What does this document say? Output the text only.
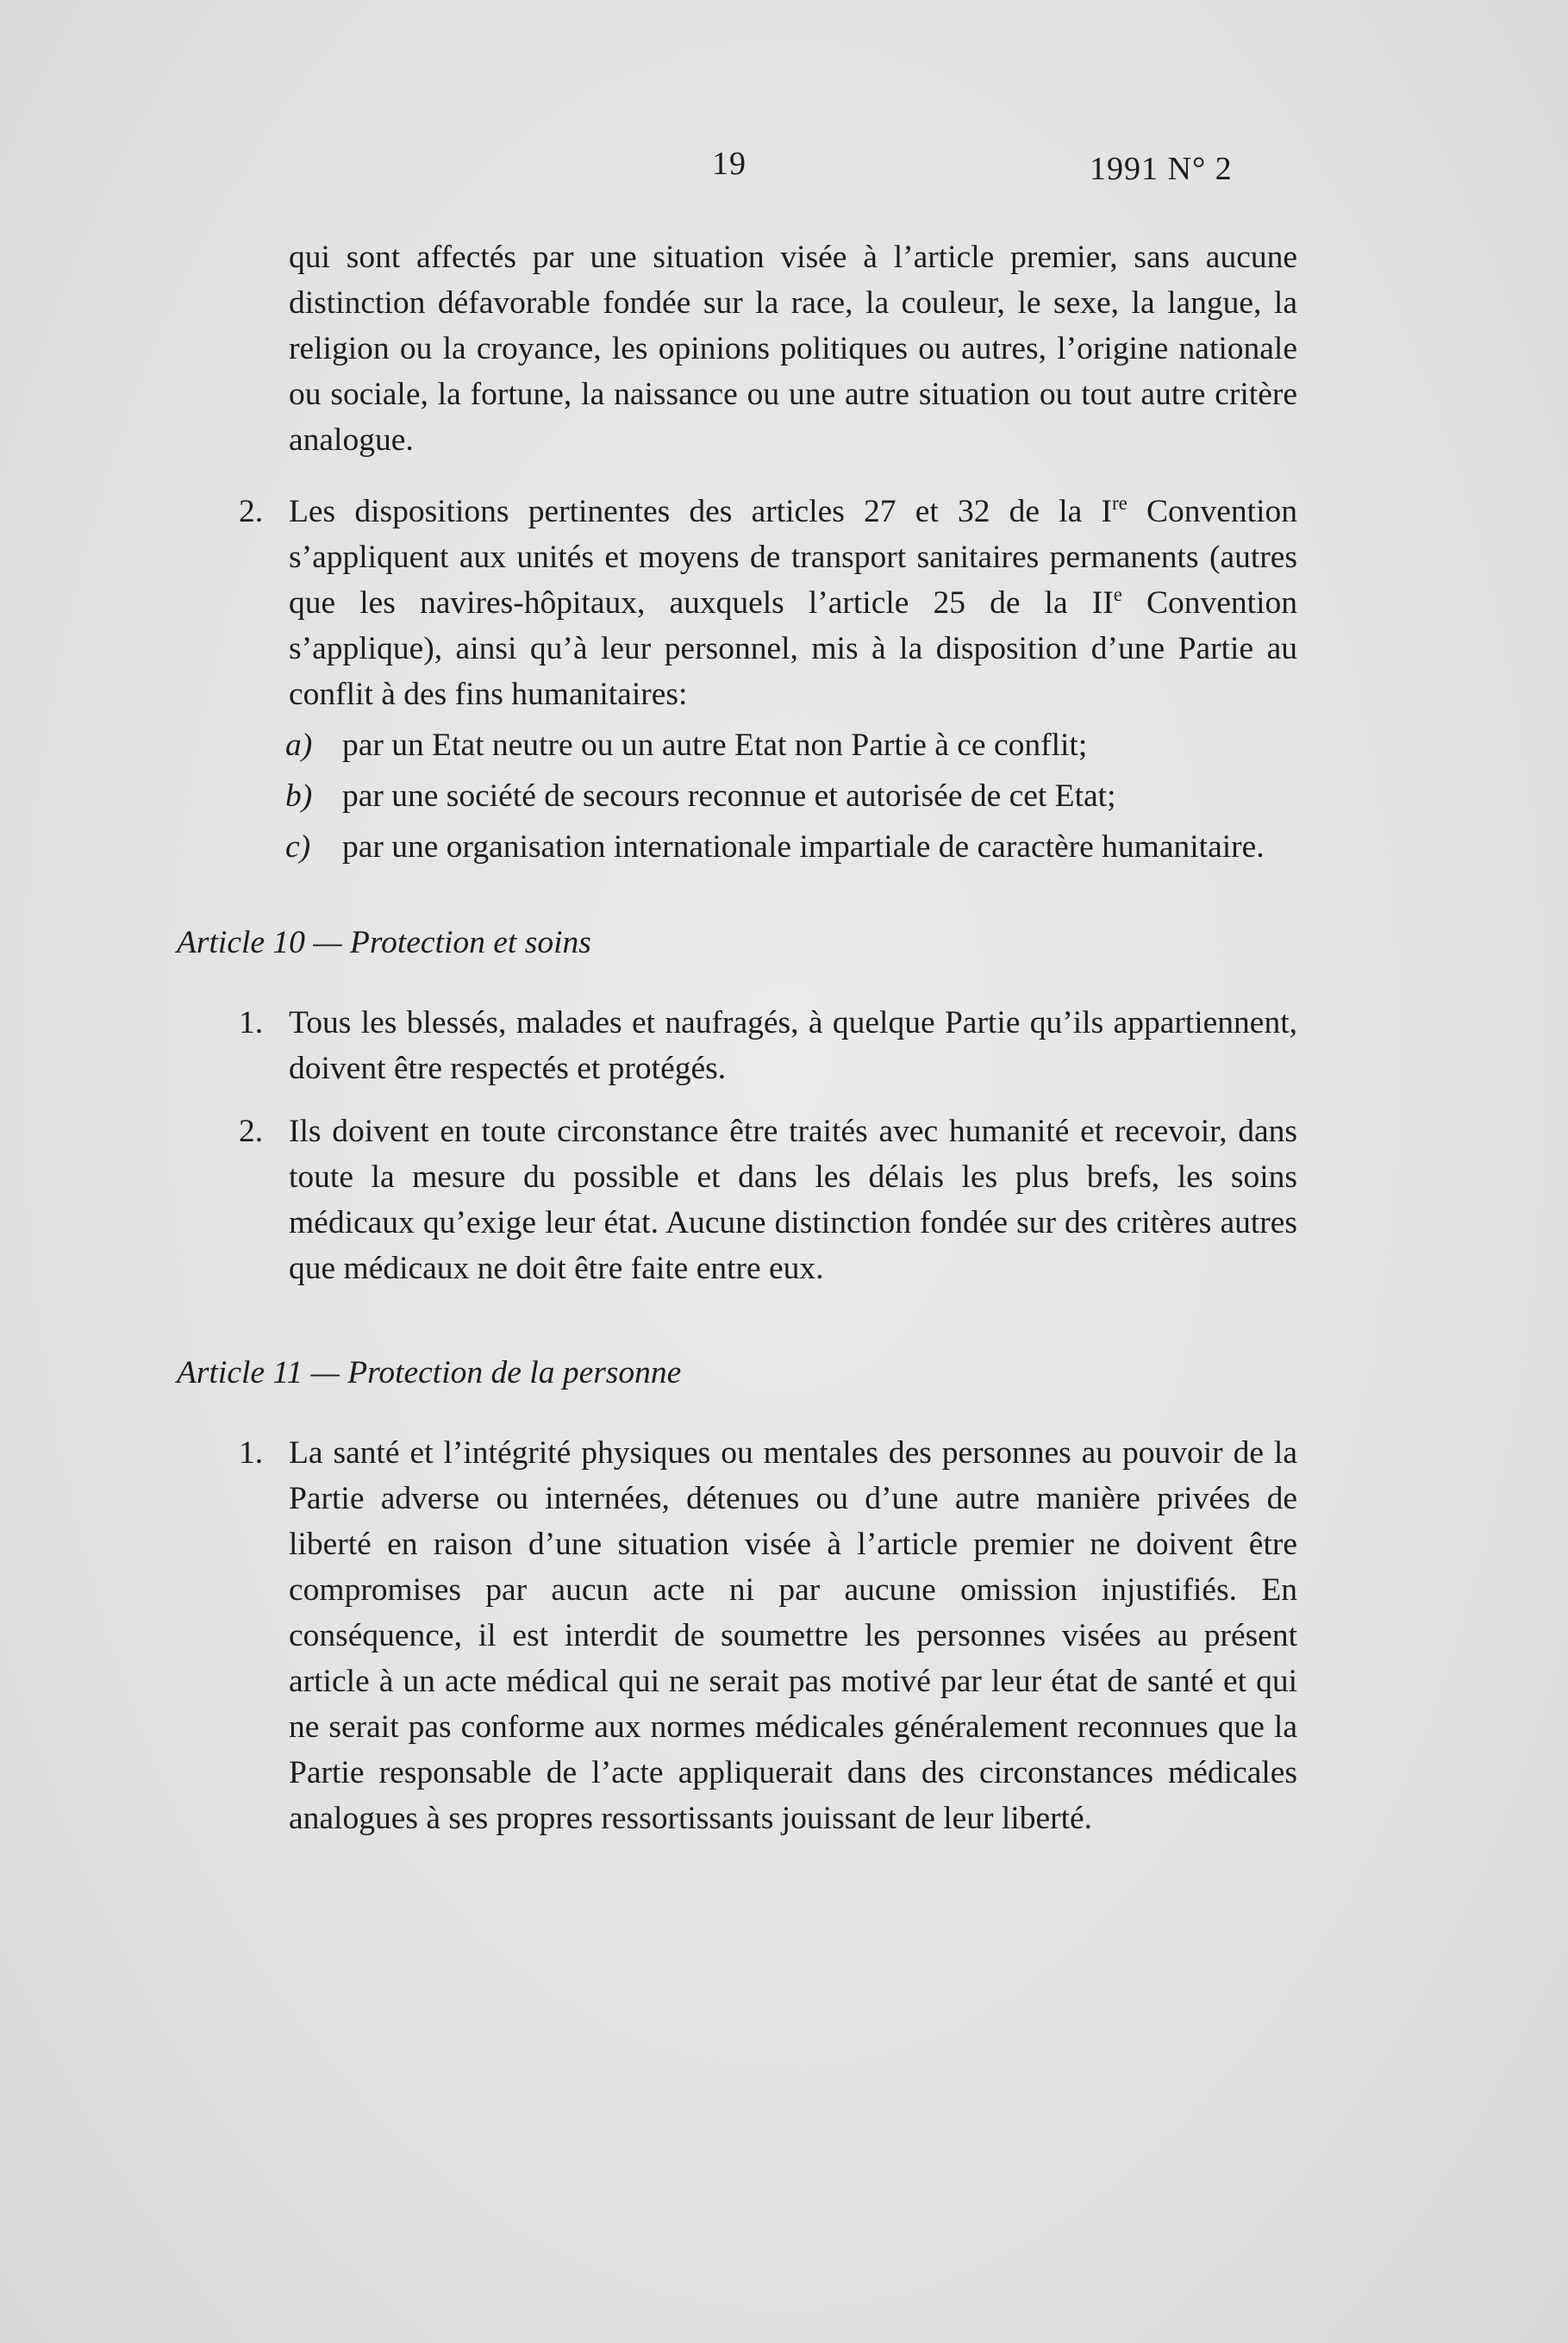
19	1991 N° 2
qui sont affectés par une situation visée à l’article premier, sans aucune distinction défavorable fondée sur la race, la couleur, le sexe, la langue, la religion ou la croyance, les opinions politiques ou autres, l’origine nationale ou sociale, la fortune, la naissance ou une autre situation ou tout autre critère analogue.
2. Les dispositions pertinentes des articles 27 et 32 de la Ire Convention s’appliquent aux unités et moyens de transport sanitaires permanents (autres que les navires-hôpitaux, auxquels l’article 25 de la IIe Convention s’applique), ainsi qu’à leur personnel, mis à la disposition d’une Partie au conflit à des fins humanitaires:
a) par un Etat neutre ou un autre Etat non Partie à ce conflit;
b) par une société de secours reconnue et autorisée de cet Etat;
c) par une organisation internationale impartiale de caractère humanitaire.
Article 10 — Protection et soins
1. Tous les blessés, malades et naufragés, à quelque Partie qu’ils appartiennent, doivent être respectés et protégés.
2. Ils doivent en toute circonstance être traités avec humanité et recevoir, dans toute la mesure du possible et dans les délais les plus brefs, les soins médicaux qu’exige leur état. Aucune distinction fondée sur des critères autres que médicaux ne doit être faite entre eux.
Article 11 — Protection de la personne
1. La santé et l’intégrité physiques ou mentales des personnes au pouvoir de la Partie adverse ou internées, détenues ou d’une autre manière privées de liberté en raison d’une situation visée à l’article premier ne doivent être compromises par aucun acte ni par aucune omission injustifiés. En conséquence, il est interdit de soumettre les personnes visées au présent article à un acte médical qui ne serait pas motivé par leur état de santé et qui ne serait pas conforme aux normes médicales généralement reconnues que la Partie responsable de l’acte appliquerait dans des circonstances médicales analogues à ses propres ressortissants jouissant de leur liberté.
